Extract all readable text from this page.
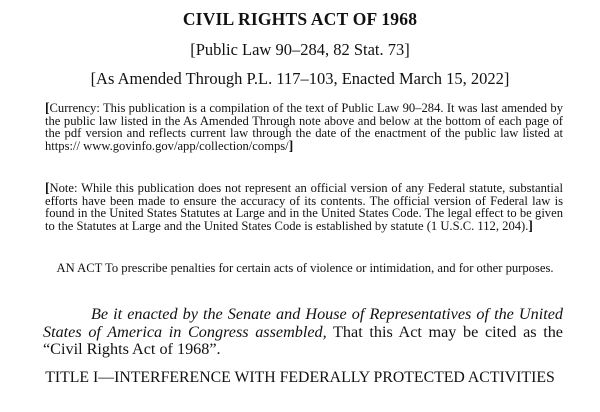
CIVIL RIGHTS ACT OF 1968
[Public Law 90–284, 82 Stat. 73]
[As Amended Through P.L. 117–103, Enacted March 15, 2022]
[Currency: This publication is a compilation of the text of Public Law 90–284. It was last amended by the public law listed in the As Amended Through note above and below at the bottom of each page of the pdf version and reflects current law through the date of the enactment of the public law listed at https:// www.govinfo.gov/app/collection/comps/]
[Note: While this publication does not represent an official version of any Federal statute, substantial efforts have been made to ensure the accuracy of its contents. The official version of Federal law is found in the United States Statutes at Large and in the United States Code. The legal effect to be given to the Statutes at Large and the United States Code is established by statute (1 U.S.C. 112, 204).]
AN ACT To prescribe penalties for certain acts of violence or intimidation, and for other purposes.
Be it enacted by the Senate and House of Representatives of the United States of America in Congress assembled, That this Act may be cited as the “Civil Rights Act of 1968”.
TITLE I—INTERFERENCE WITH FEDERALLY PROTECTED ACTIVITIES
